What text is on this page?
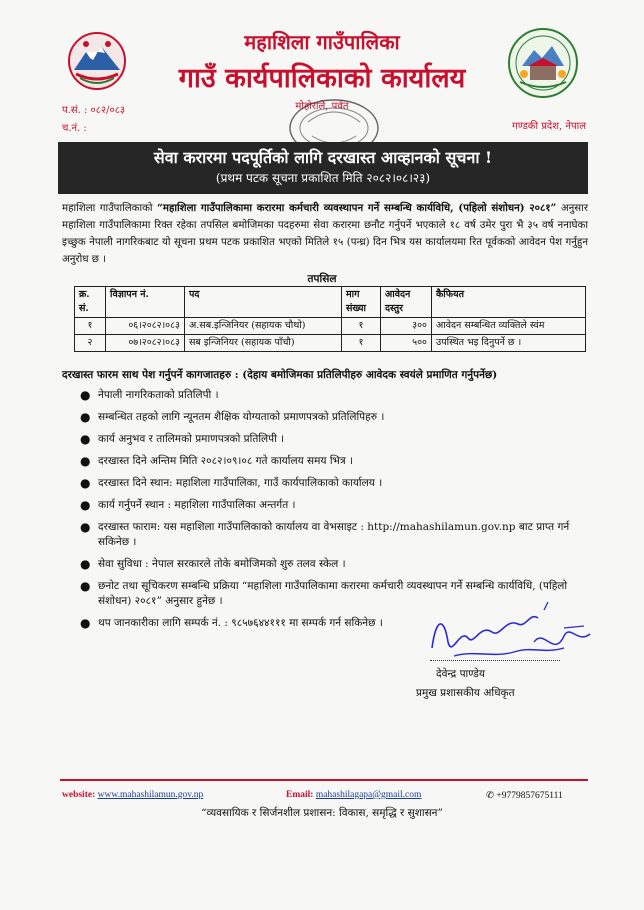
महाशिला गाउँपालिका
गाउँ कार्यपालिकाको कार्यालय
मोहोराले, पर्वत
प.सं. : ०८२/०८३
च.नं. :	गण्डकी प्रदेश, नेपाल
सेवा करारमा पदपूर्तिको लागि दरखास्त आव्हानको सूचना !
(प्रथम पटक सूचना प्रकाशित मिति २०८२।०८।२३)
महाशिला गाउँपालिकाको “महाशिला गाउँपालिकामा करारमा कर्मचारी व्यवस्थापन गर्ने सम्बन्धि कार्यविधि, (पहिलो संशोधन) २०८१” अनुसार महाशिला गाउँपालिकामा रिक्त रहेका तपसिल बमोजिमका पदहरुमा सेवा करारमा छनौट गर्नुपर्ने भएकाले १८ वर्ष उमेर पुरा भै ३५ वर्ष ननाघेका इच्छुक नेपाली नागरिकबाट यो सूचना प्रथम पटक प्रकाशित भएको मितिले १५ (पन्ध्र) दिन भित्र यस कार्यालयमा रित पूर्वकको आवेदन पेश गर्नुहुन अनुरोध छ ।
तपसिल
क्र. सं.	विज्ञापन नं.	पद	माग संख्या	आवेदन दस्तुर	कैफियत
१	०६।२०८२।०८३	अ.सब.इन्जिनियर (सहायक चौथो)	१	३००	आवेदन सम्बन्धित व्यक्तिले स्वंम
२	०७।२०८२।०८३	सब इन्जिनियर (सहायक पाँचौ)	१	५००	उपस्थित भइ दिनुपर्ने छ ।
दरखास्त फारम साथ पेश गर्नुपर्ने कागजातहरु : (देहाय बमोजिमका प्रतिलिपीहरु आवेदक स्वयंले प्रमाणित गर्नुपर्नेछ)
● नेपाली नागरिकताको प्रतिलिपी ।
● सम्बन्धित तहको लागि न्यूनतम शैक्षिक योग्यताको प्रमाणपत्रको प्रतिलिपिहरु ।
● कार्य अनुभव र तालिमको प्रमाणपत्रको प्रतिलिपी ।
● दरखास्त दिने अन्तिम मिति २०८२।०९।०८ गते कार्यालय समय भित्र ।
● दरखास्त दिने स्थान: महाशिला गाउँपालिका, गाउँ कार्यपालिकाको कार्यालय ।
● कार्य गर्नुपर्ने स्थान : महाशिला गाउँपालिका अन्तर्गत ।
● दरखास्त फाराम: यस महाशिला गाउँपालिकाको कार्यालय वा वेभसाइट : http://mahashilamun.gov.np बाट प्राप्त गर्न सकिनेछ ।
● सेवा सुविधा : नेपाल सरकारले तोके बमोजिमको शुरु तलव स्केल ।
● छनोट तथा सूचिकरण सम्बन्धि प्रक्रिया “महाशिला गाउँपालिकामा करारमा कर्मचारी व्यवस्थापन गर्ने सम्बन्धि कार्यविधि, (पहिलो संशोधन) २०८१” अनुसार हुनेछ ।
● थप जानकारीका लागि सम्पर्क नं. : ९८५७६४४१११ मा सम्पर्क गर्न सकिनेछ ।
देवेन्द्र पाण्डेय
प्रमुख प्रशासकीय अधिकृत
website: www.mahashilamun.gov.np	Email: mahashilagapa@gmail.com	✆ +9779857675111
“व्यवसायिक र सिर्जनशील प्रशासन: विकास, समृद्धि र सुशासन”
